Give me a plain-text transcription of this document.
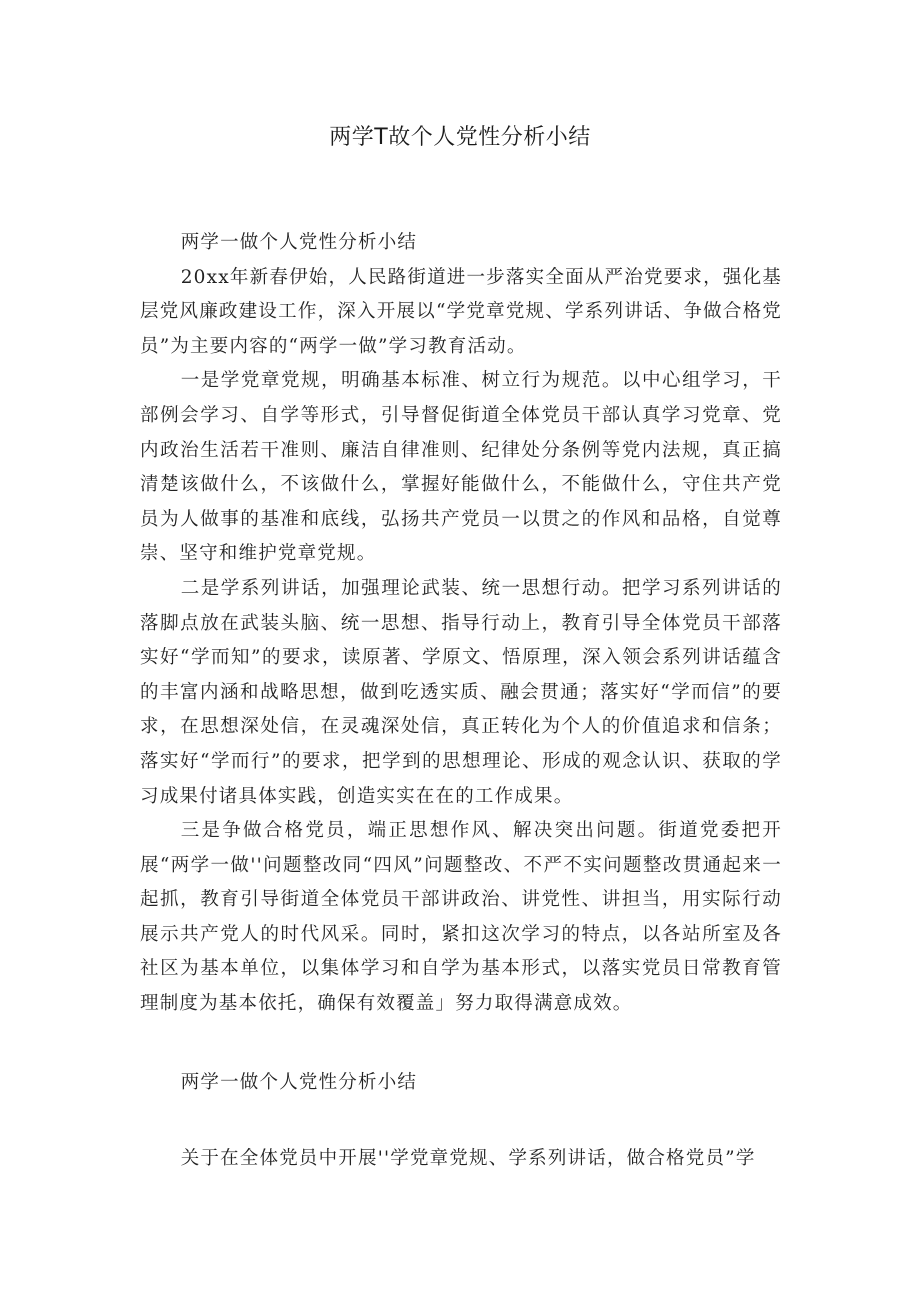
两学T故个人党性分析小结
两学一做个人党性分析小结

20xx年新春伊始，人民路街道进一步落实全面从严治党要求，强化基层党风廉政建设工作，深入开展以“学党章党规、学系列讲话、争做合格党员”为主要内容的“两学一做”学习教育活动。

一是学党章党规，明确基本标准、树立行为规范。以中心组学习，干部例会学习、自学等形式，引导督促街道全体党员干部认真学习党章、党内政治生活若干准则、廉洁自律准则、纪律处分条例等党内法规，真正搞清楚该做什么，不该做什么，掌握好能做什么，不能做什么，守住共产党员为人做事的基准和底线，弘扬共产党员一以贯之的作风和品格，自觉尊崇、坚守和维护党章党规。

二是学系列讲话，加强理论武装、统一思想行动。把学习系列讲话的落脚点放在武装头脑、统一思想、指导行动上，教育引导全体党员干部落实好“学而知”的要求，读原著、学原文、悟原理，深入领会系列讲话蕴含的丰富内涵和战略思想，做到吃透实质、融会贯通；落实好“学而信”的要求，在思想深处信，在灵魂深处信，真正转化为个人的价值追求和信条；落实好“学而行”的要求，把学到的思想理论、形成的观念认识、获取的学习成果付诸具体实践，创造实实在在的工作成果。

三是争做合格党员，端正思想作风、解决突出问题。街道党委把开展“两学一做''问题整改同“四风”问题整改、不严不实问题整改贯通起来一起抓，教育引导街道全体党员干部讲政治、讲党性、讲担当，用实际行动展示共产党人的时代风采。同时，紧扣这次学习的特点，以各站所室及各社区为基本单位，以集体学习和自学为基本形式，以落实党员日常教育管理制度为基本依托，确保有效覆盖」努力取得满意成效。

两学一做个人党性分析小结

关于在全体党员中开展''学党章党规、学系列讲话，做合格党员”学
